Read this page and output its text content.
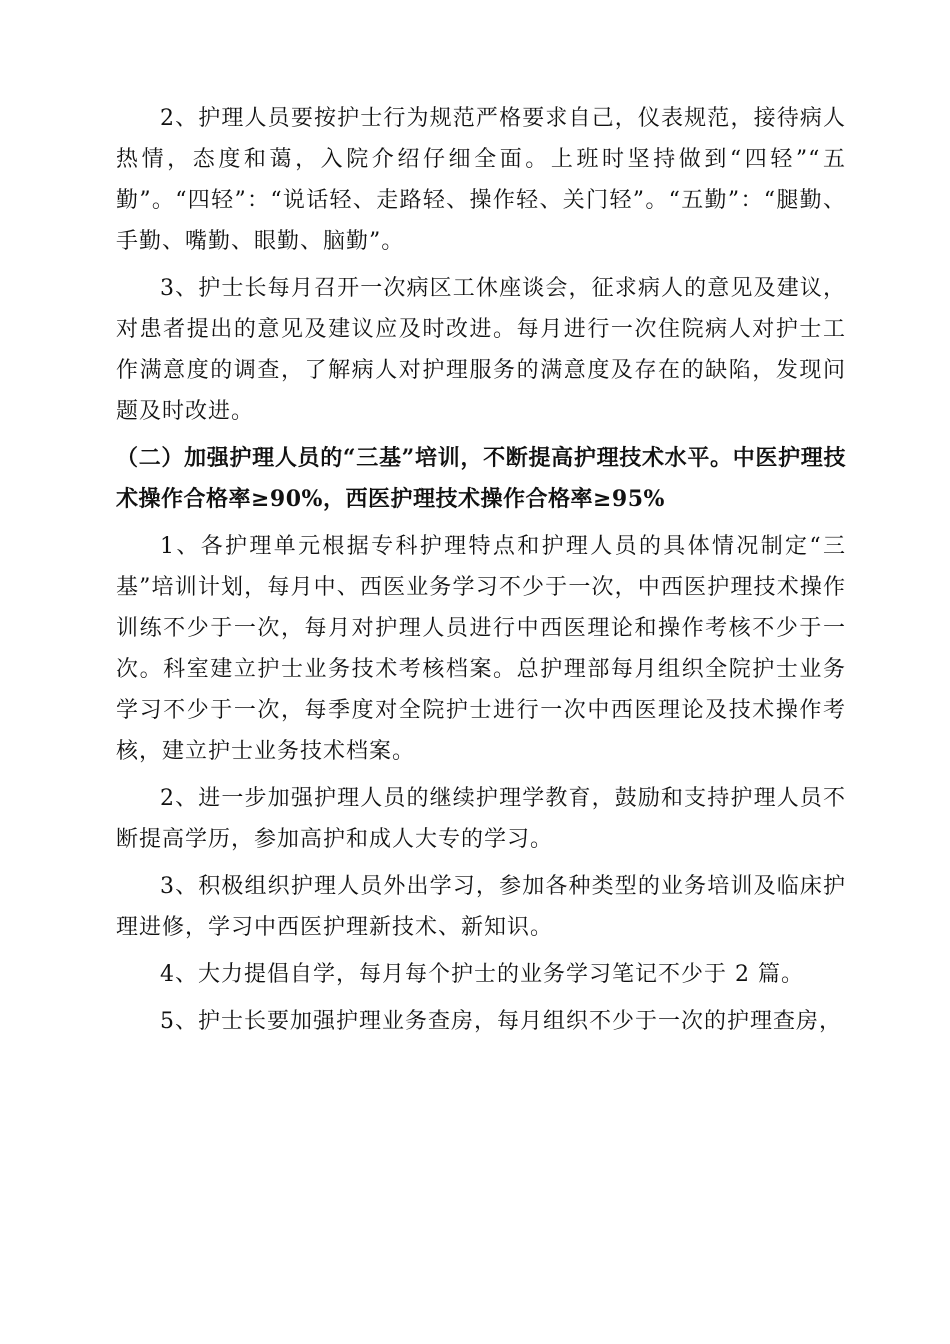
2、护理人员要按护士行为规范严格要求自己，仪表规范，接待病人热情，态度和蔼，入院介绍仔细全面。上班时坚持做到“四轻”“五勤”。“四轻”：“说话轻、走路轻、操作轻、关门轻”。“五勤”：“腿勤、手勤、嘴勤、眼勤、脑勤”。

3、护士长每月召开一次病区工休座谈会，征求病人的意见及建议，对患者提出的意见及建议应及时改进。每月进行一次住院病人对护士工作满意度的调查，了解病人对护理服务的满意度及存在的缺陷，发现问题及时改进。

（二）加强护理人员的“三基”培训，不断提高护理技术水平。中医护理技术操作合格率≥90%，西医护理技术操作合格率≥95%

1、各护理单元根据专科护理特点和护理人员的具体情况制定“三基”培训计划，每月中、西医业务学习不少于一次，中西医护理技术操作训练不少于一次，每月对护理人员进行中西医理论和操作考核不少于一次。科室建立护士业务技术考核档案。总护理部每月组织全院护士业务学习不少于一次，每季度对全院护士进行一次中西医理论及技术操作考核，建立护士业务技术档案。

2、进一步加强护理人员的继续护理学教育，鼓励和支持护理人员不断提高学历，参加高护和成人大专的学习。

3、积极组织护理人员外出学习，参加各种类型的业务培训及临床护理进修，学习中西医护理新技术、新知识。

4、大力提倡自学，每月每个护士的业务学习笔记不少于 2 篇。

5、护士长要加强护理业务查房，每月组织不少于一次的护理查房，
